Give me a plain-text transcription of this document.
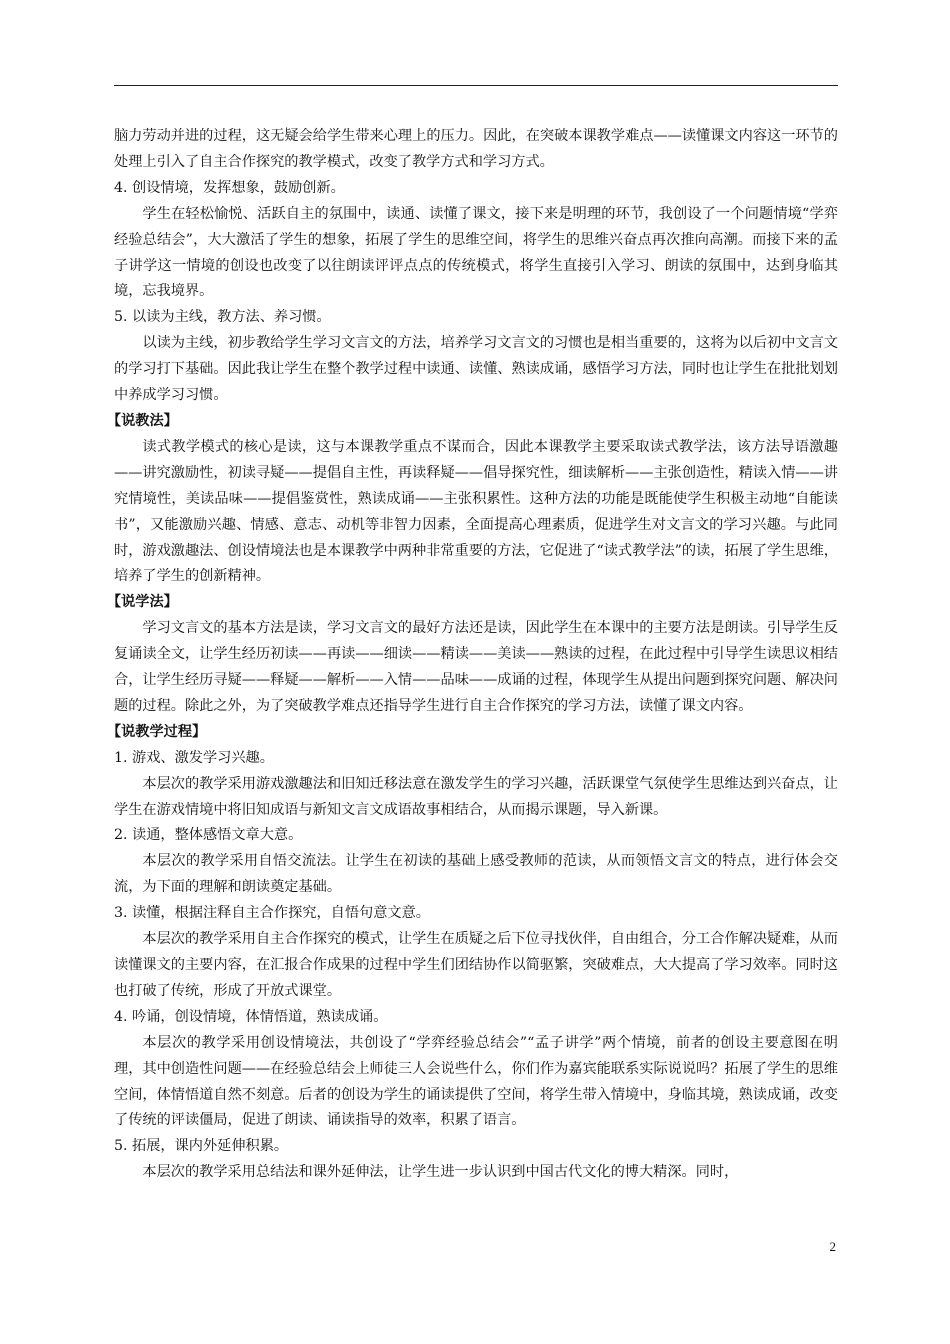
脑力劳动并进的过程，这无疑会给学生带来心理上的压力。因此，在突破本课教学难点——读懂课文内容这一环节的处理上引入了自主合作探究的教学模式，改变了教学方式和学习方式。

4. 创设情境，发挥想象，鼓励创新。

学生在轻松愉悦、活跃自主的氛围中，读通、读懂了课文，接下来是明理的环节，我创设了一个问题情境“学弈经验总结会”，大大激活了学生的想象，拓展了学生的思维空间，将学生的思维兴奋点再次推向高潮。而接下来的孟子讲学这一情境的创设也改变了以往朗读评评点点的传统模式，将学生直接引入学习、朗读的氛围中，达到身临其境，忘我境界。

5. 以读为主线，教方法、养习惯。

以读为主线，初步教给学生学习文言文的方法，培养学习文言文的习惯也是相当重要的，这将为以后初中文言文的学习打下基础。因此我让学生在整个教学过程中读通、读懂、熟读成诵，感悟学习方法，同时也让学生在批批划划中养成学习习惯。

【说教法】

读式教学模式的核心是读，这与本课教学重点不谋而合，因此本课教学主要采取读式教学法，该方法导语激趣——讲究激励性，初读寻疑——提倡自主性，再读释疑——倡导探究性，细读解析——主张创造性，精读入情——讲究情境性，美读品味——提倡鉴赏性，熟读成诵——主张积累性。这种方法的功能是既能使学生积极主动地“自能读书”，又能激励兴趣、情感、意志、动机等非智力因素，全面提高心理素质，促进学生对文言文的学习兴趣。与此同时，游戏激趣法、创设情境法也是本课教学中两种非常重要的方法，它促进了“读式教学法”的读，拓展了学生思维，培养了学生的创新精神。

【说学法】

学习文言文的基本方法是读，学习文言文的最好方法还是读，因此学生在本课中的主要方法是朗读。引导学生反复诵读全文，让学生经历初读——再读——细读——精读——美读——熟读的过程，在此过程中引导学生读思议相结合，让学生经历寻疑——释疑——解析——入情——品味——成诵的过程，体现学生从提出问题到探究问题、解决问题的过程。除此之外，为了突破教学难点还指导学生进行自主合作探究的学习方法，读懂了课文内容。

【说教学过程】

1. 游戏、激发学习兴趣。

本层次的教学采用游戏激趣法和旧知迁移法意在激发学生的学习兴趣，活跃课堂气氛使学生思维达到兴奋点，让学生在游戏情境中将旧知成语与新知文言文成语故事相结合，从而揭示课题，导入新课。

2. 读通，整体感悟文章大意。

本层次的教学采用自悟交流法。让学生在初读的基础上感受教师的范读，从而领悟文言文的特点，进行体会交流，为下面的理解和朗读奠定基础。

3. 读懂，根据注释自主合作探究，自悟句意文意。

本层次的教学采用自主合作探究的模式，让学生在质疑之后下位寻找伙伴，自由组合，分工合作解决疑难，从而读懂课文的主要内容，在汇报合作成果的过程中学生们团结协作以简驱繁，突破难点，大大提高了学习效率。同时这也打破了传统，形成了开放式课堂。

4. 吟诵，创设情境，体情悟道，熟读成诵。

本层次的教学采用创设情境法，共创设了“学弈经验总结会”“孟子讲学”两个情境，前者的创设主要意图在明理，其中创造性问题——在经验总结会上师徒三人会说些什么，你们作为嘉宾能联系实际说说吗？拓展了学生的思维空间，体情悟道自然不刻意。后者的创设为学生的诵读提供了空间，将学生带入情境中，身临其境，熟读成诵，改变了传统的评读僵局，促进了朗读、诵读指导的效率，积累了语言。

5. 拓展，课内外延伸积累。

本层次的教学采用总结法和课外延伸法，让学生进一步认识到中国古代文化的博大精深。同时，

2
